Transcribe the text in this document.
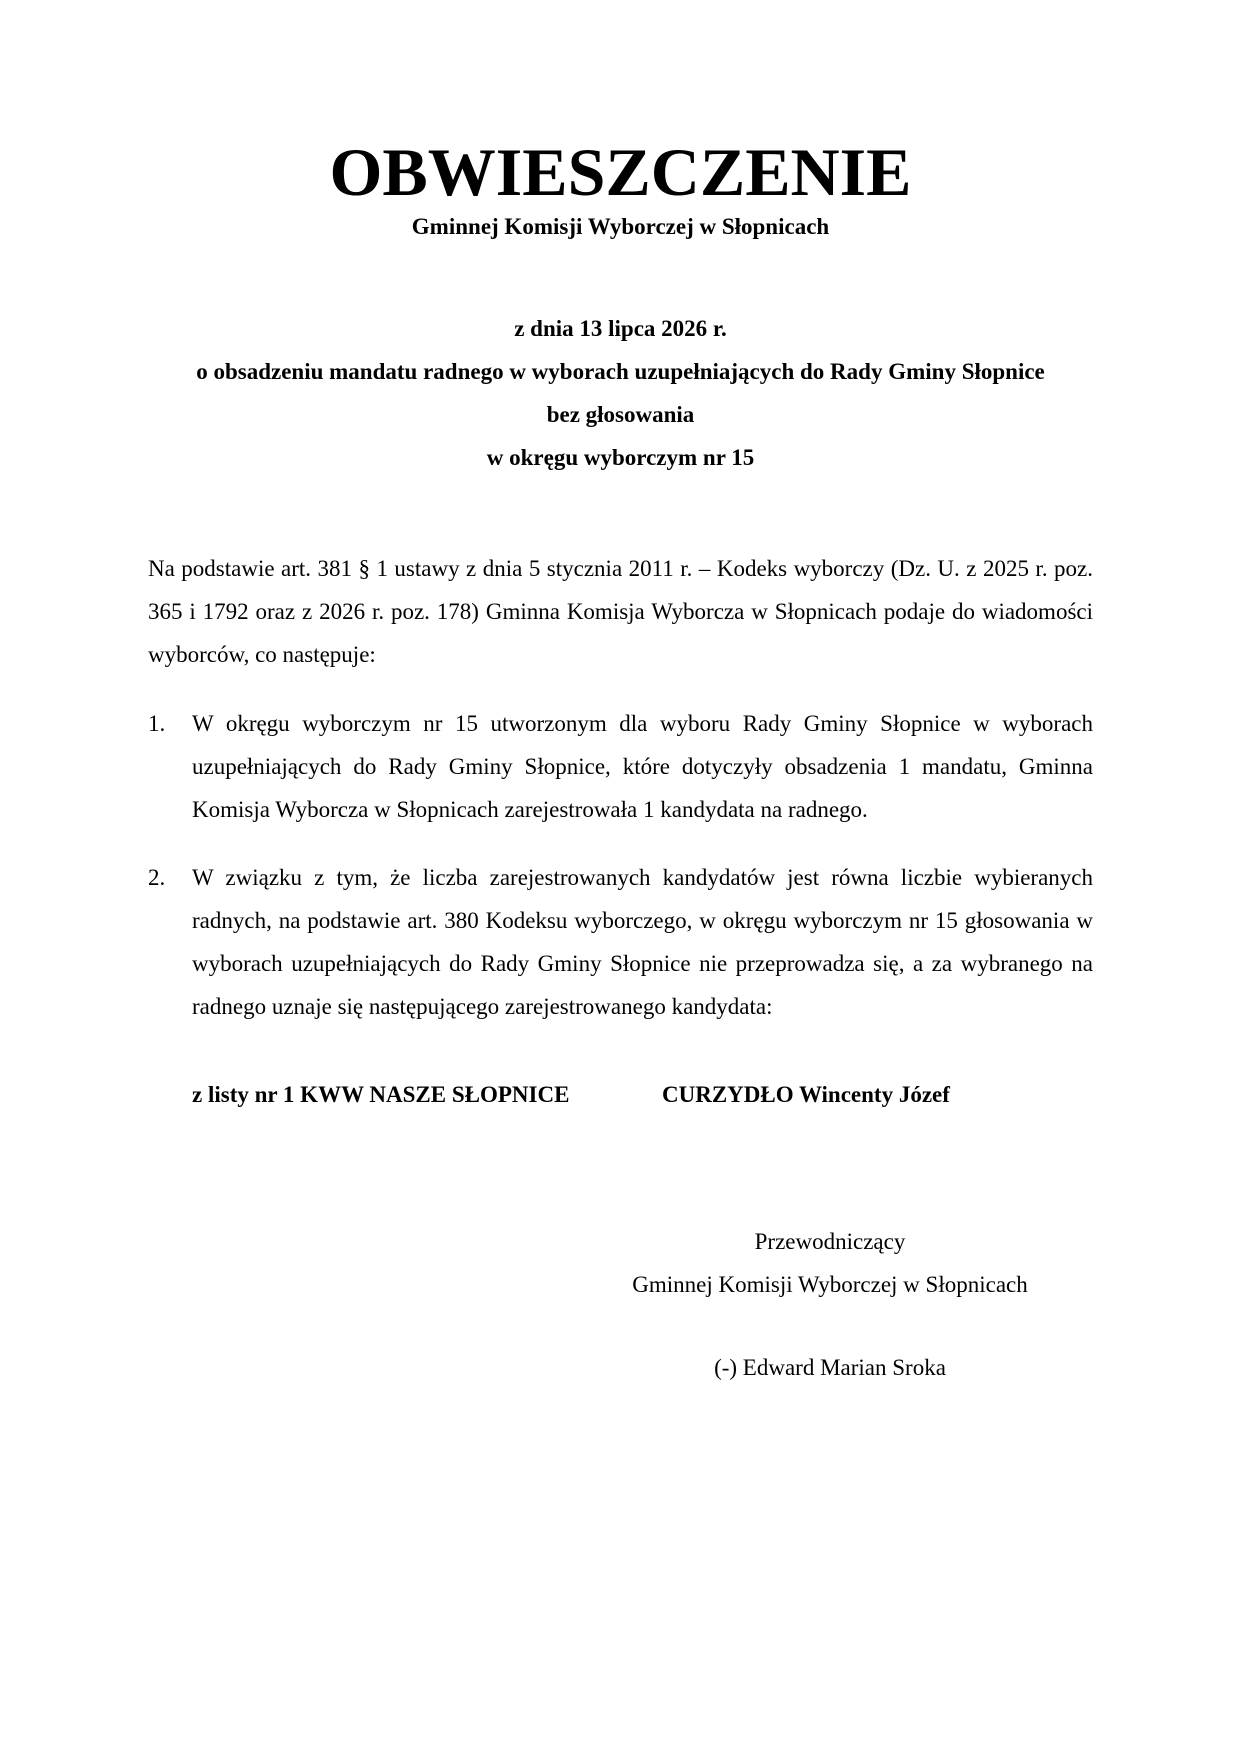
OBWIESZCZENIE
Gminnej Komisji Wyborczej w Słopnicach
z dnia 13 lipca 2026 r.
o obsadzeniu mandatu radnego w wyborach uzupełniających do Rady Gminy Słopnice
bez głosowania
w okręgu wyborczym nr 15
Na podstawie art. 381 § 1 ustawy z dnia 5 stycznia 2011 r. – Kodeks wyborczy (Dz. U. z 2025 r. poz. 365 i 1792 oraz z 2026 r. poz. 178) Gminna Komisja Wyborcza w Słopnicach podaje do wiadomości wyborców, co następuje:
1. W okręgu wyborczym nr 15 utworzonym dla wyboru Rady Gminy Słopnice w wyborach uzupełniających do Rady Gminy Słopnice, które dotyczyły obsadzenia 1 mandatu, Gminna Komisja Wyborcza w Słopnicach zarejestrowała 1 kandydata na radnego.
2. W związku z tym, że liczba zarejestrowanych kandydatów jest równa liczbie wybieranych radnych, na podstawie art. 380 Kodeksu wyborczego, w okręgu wyborczym nr 15 głosowania w wyborach uzupełniających do Rady Gminy Słopnice nie przeprowadza się, a za wybranego na radnego uznaje się następującego zarejestrowanego kandydata:
z listy nr 1 KWW NASZE SŁOPNICE	CURZYDŁO Wincenty Józef
Przewodniczący
Gminnej Komisji Wyborczej w Słopnicach
(-) Edward Marian Sroka
